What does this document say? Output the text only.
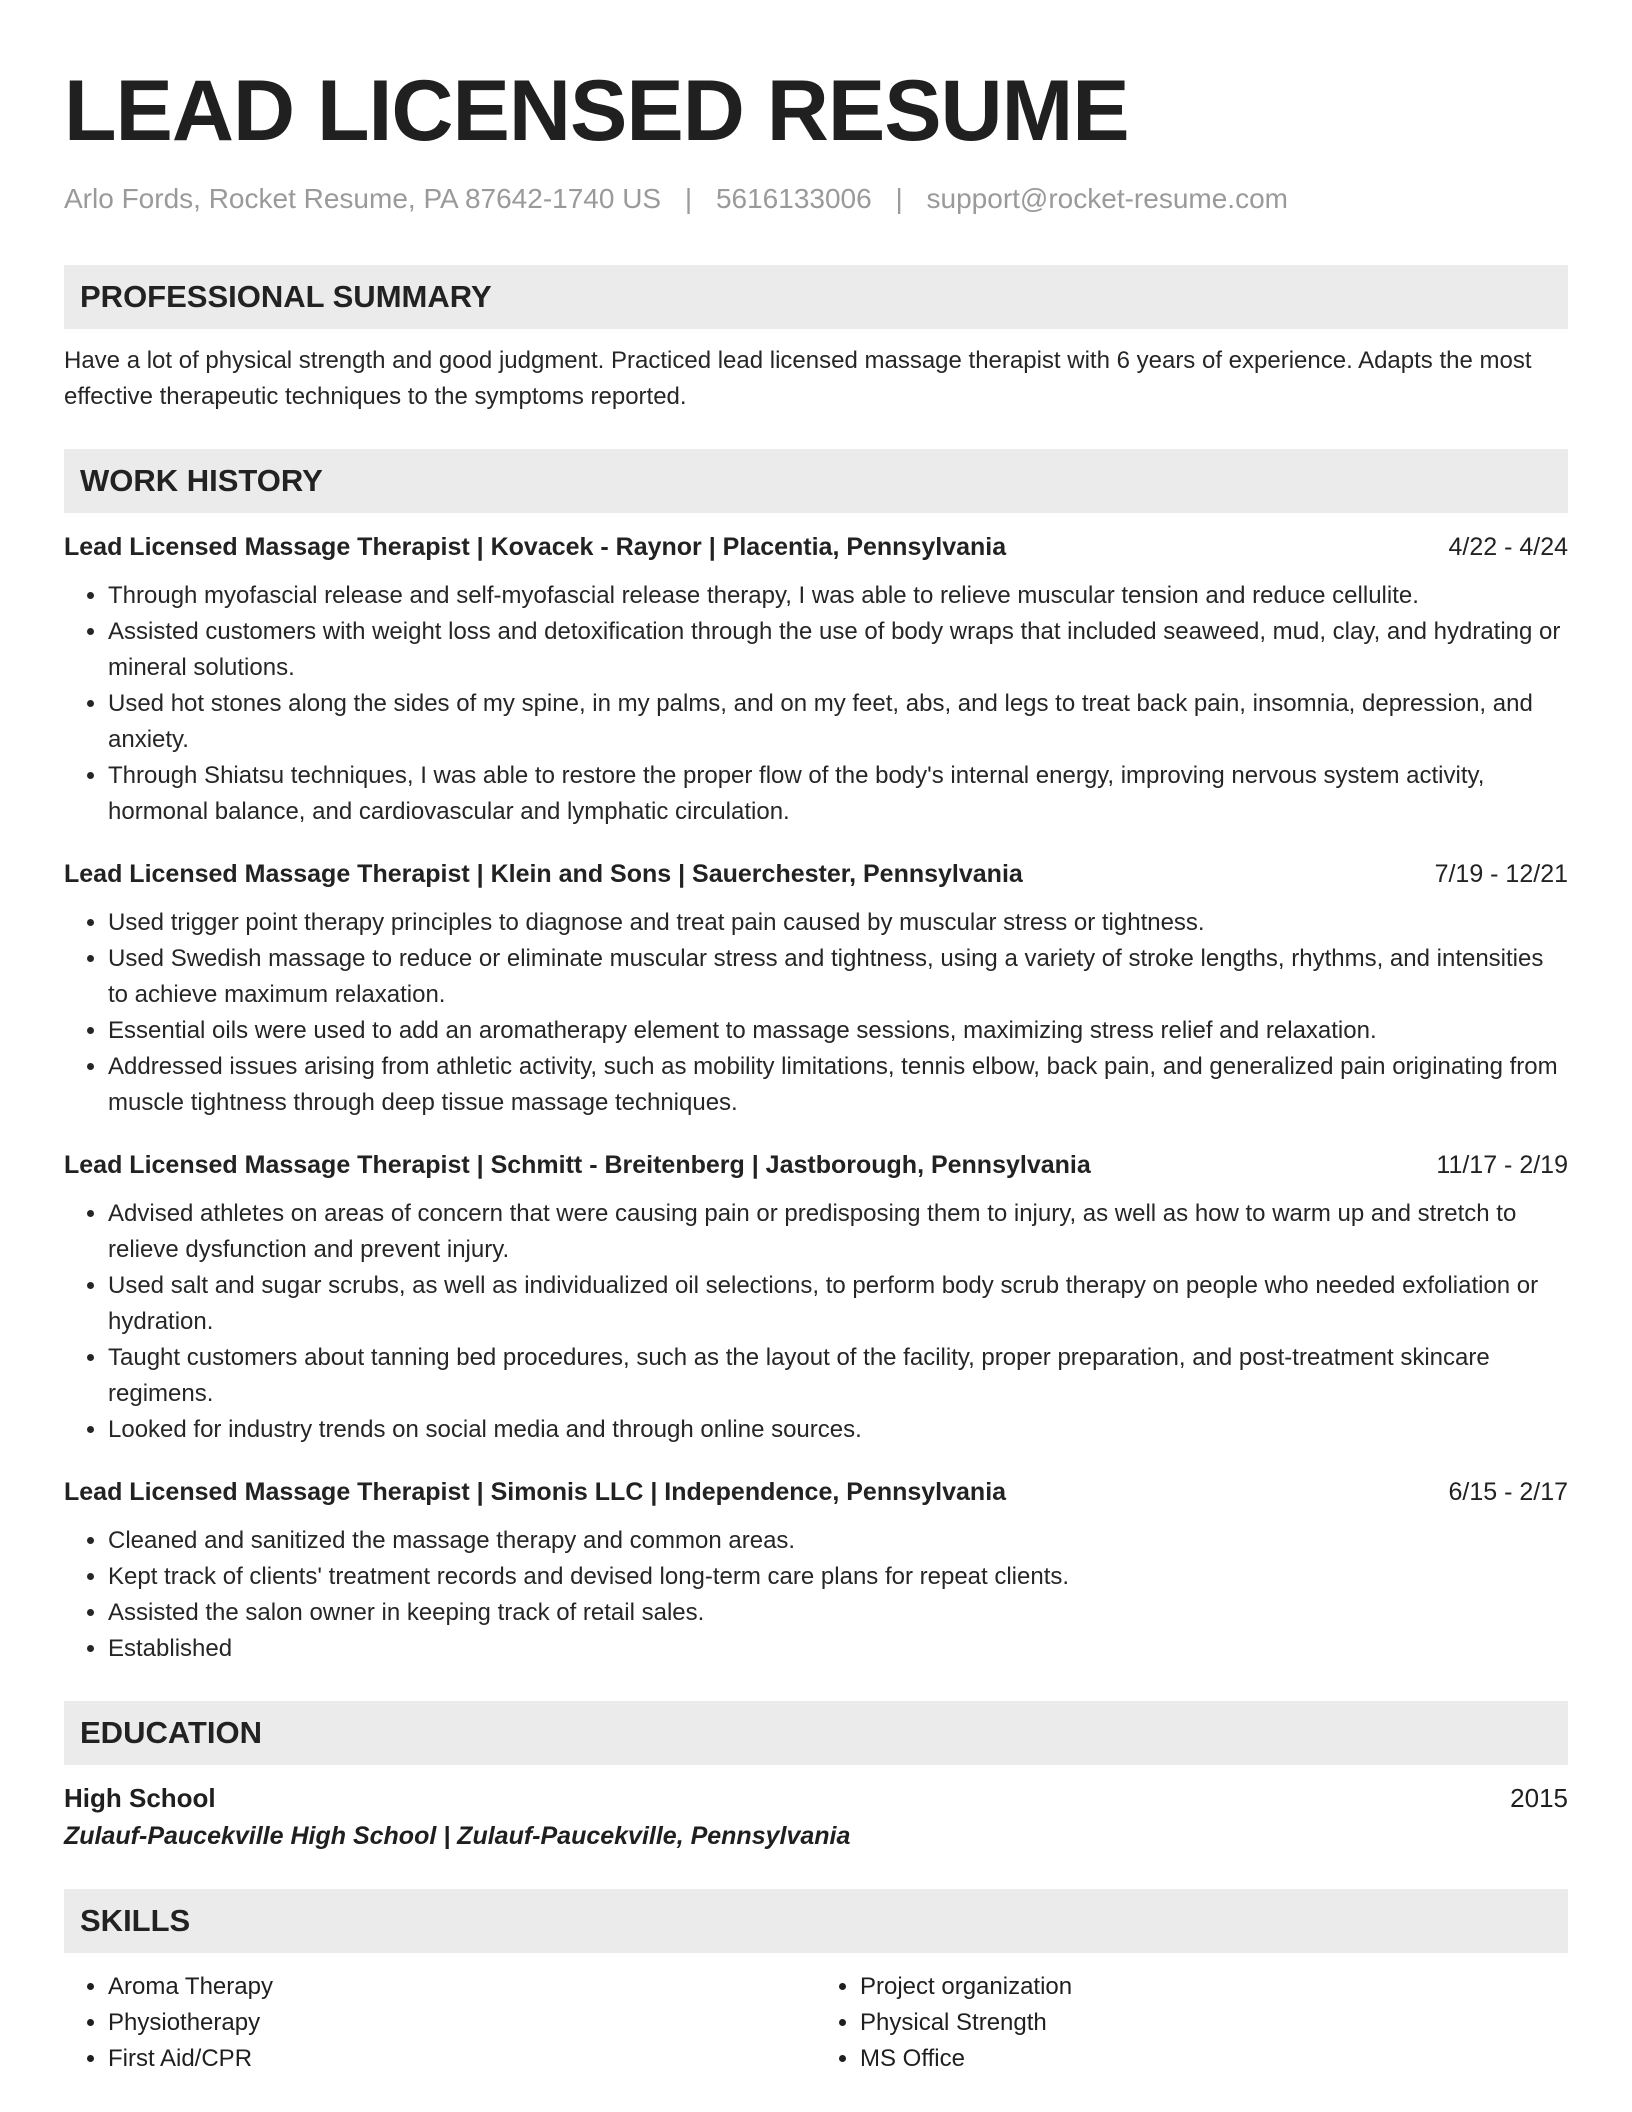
LEAD LICENSED RESUME
Arlo Fords, Rocket Resume, PA 87642-1740 US | 5616133006 | support@rocket-resume.com
PROFESSIONAL SUMMARY
Have a lot of physical strength and good judgment. Practiced lead licensed massage therapist with 6 years of experience. Adapts the most effective therapeutic techniques to the symptoms reported.
WORK HISTORY
Lead Licensed Massage Therapist | Kovacek - Raynor | Placentia, Pennsylvania	4/22 - 4/24
• Through myofascial release and self-myofascial release therapy, I was able to relieve muscular tension and reduce cellulite.
• Assisted customers with weight loss and detoxification through the use of body wraps that included seaweed, mud, clay, and hydrating or mineral solutions.
• Used hot stones along the sides of my spine, in my palms, and on my feet, abs, and legs to treat back pain, insomnia, depression, and anxiety.
• Through Shiatsu techniques, I was able to restore the proper flow of the body's internal energy, improving nervous system activity, hormonal balance, and cardiovascular and lymphatic circulation.
Lead Licensed Massage Therapist | Klein and Sons | Sauerchester, Pennsylvania	7/19 - 12/21
• Used trigger point therapy principles to diagnose and treat pain caused by muscular stress or tightness.
• Used Swedish massage to reduce or eliminate muscular stress and tightness, using a variety of stroke lengths, rhythms, and intensities to achieve maximum relaxation.
• Essential oils were used to add an aromatherapy element to massage sessions, maximizing stress relief and relaxation.
• Addressed issues arising from athletic activity, such as mobility limitations, tennis elbow, back pain, and generalized pain originating from muscle tightness through deep tissue massage techniques.
Lead Licensed Massage Therapist | Schmitt - Breitenberg | Jastborough, Pennsylvania	11/17 - 2/19
• Advised athletes on areas of concern that were causing pain or predisposing them to injury, as well as how to warm up and stretch to relieve dysfunction and prevent injury.
• Used salt and sugar scrubs, as well as individualized oil selections, to perform body scrub therapy on people who needed exfoliation or hydration.
• Taught customers about tanning bed procedures, such as the layout of the facility, proper preparation, and post-treatment skincare regimens.
• Looked for industry trends on social media and through online sources.
Lead Licensed Massage Therapist | Simonis LLC | Independence, Pennsylvania	6/15 - 2/17
• Cleaned and sanitized the massage therapy and common areas.
• Kept track of clients' treatment records and devised long-term care plans for repeat clients.
• Assisted the salon owner in keeping track of retail sales.
• Established
EDUCATION
High School	2015
Zulauf-Paucekville High School | Zulauf-Paucekville, Pennsylvania
SKILLS
• Aroma Therapy
• Physiotherapy
• First Aid/CPR
• Project organization
• Physical Strength
• MS Office
